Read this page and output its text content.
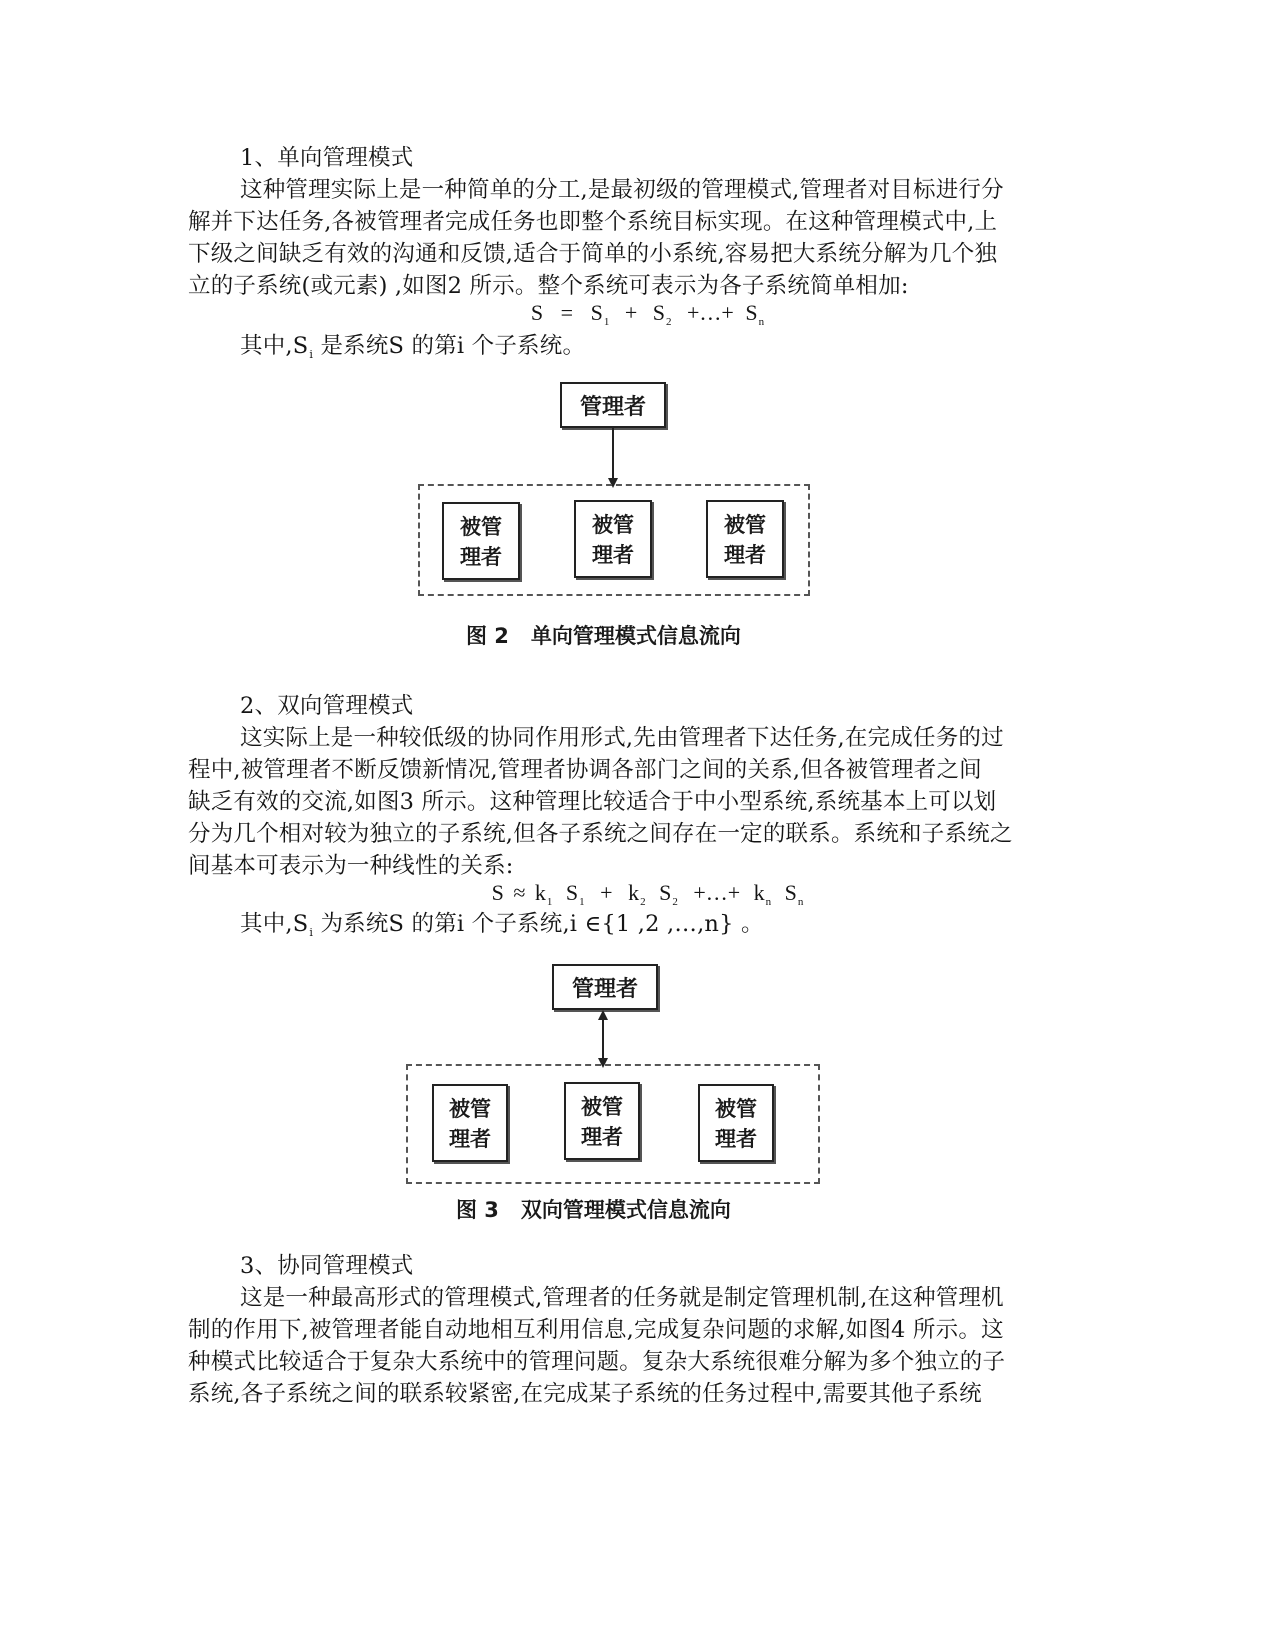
1、单向管理模式
这种管理实际上是一种简单的分工,是最初级的管理模式,管理者对目标进行分
解并下达任务,各被管理者完成任务也即整个系统目标实现。在这种管理模式中,上
下级之间缺乏有效的沟通和反馈,适合于简单的小系统,容易把大系统分解为几个独
立的子系统(或元素) ,如图2 所示。整个系统可表示为各子系统简单相加:
S = S1 + S2 +…+ Sn
其中$,S_i$ 是系统S 的第i 个子系统。
管理者
被管
理者
被管
理者
被管
理者
图 2   单向管理模式信息流向
2、双向管理模式
这实际上是一种较低级的协同作用形式,先由管理者下达任务,在完成任务的过
程中,被管理者不断反馈新情况,管理者协调各部门之间的关系,但各被管理者之间
缺乏有效的交流,如图3 所示。这种管理比较适合于中小型系统,系统基本上可以划
分为几个相对较为独立的子系统,但各子系统之间存在一定的联系。系统和子系统之
间基本可表示为一种线性的关系:
S ≈ k1 S1 + k2 S2 +…+ kn Sn
其中$,S_i$ 为系统S 的第i 个子系统,i ∈{1 ,2 ,…,n} 。
管理者
被管
理者
被管
理者
被管
理者
图 3   双向管理模式信息流向
3、协同管理模式
这是一种最高形式的管理模式,管理者的任务就是制定管理机制,在这种管理机
制的作用下,被管理者能自动地相互利用信息,完成复杂问题的求解,如图4 所示。这
种模式比较适合于复杂大系统中的管理问题。复杂大系统很难分解为多个独立的子
系统,各子系统之间的联系较紧密,在完成某子系统的任务过程中,需要其他子系统
